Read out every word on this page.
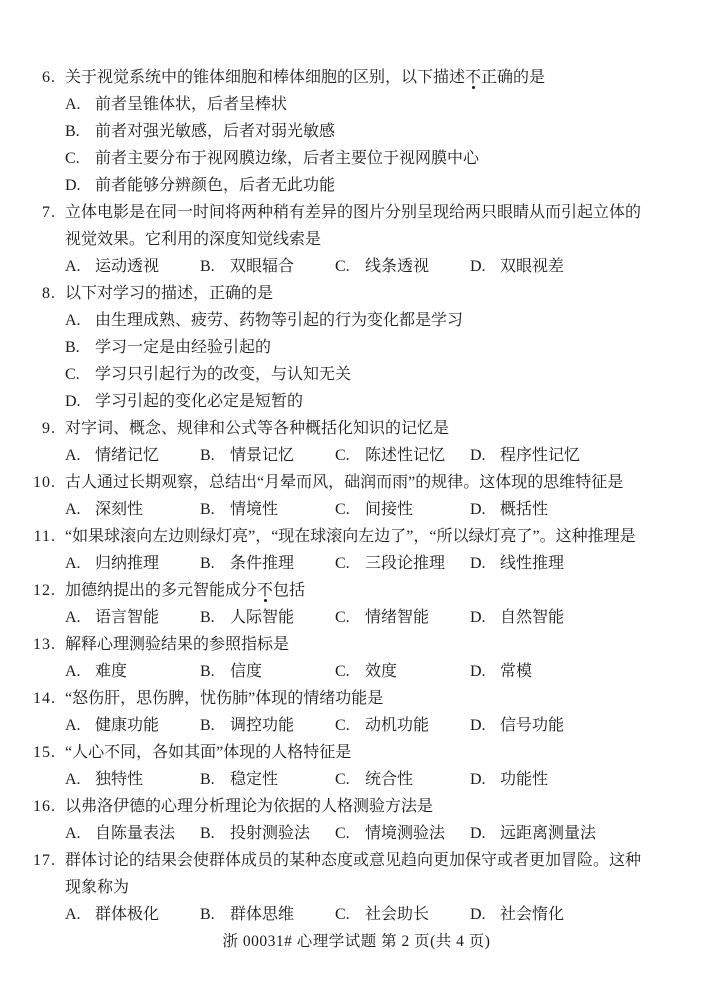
6. 关于视觉系统中的锥体细胞和棒体细胞的区别，以下描述不正确的是
A. 前者呈锥体状，后者呈棒状
B. 前者对强光敏感，后者对弱光敏感
C. 前者主要分布于视网膜边缘，后者主要位于视网膜中心
D. 前者能够分辨颜色，后者无此功能
7. 立体电影是在同一时间将两种稍有差异的图片分别呈现给两只眼睛从而引起立体的
视觉效果。它利用的深度知觉线索是
A. 运动透视	B. 双眼辐合	C. 线条透视	D. 双眼视差
8. 以下对学习的描述，正确的是
A. 由生理成熟、疲劳、药物等引起的行为变化都是学习
B. 学习一定是由经验引起的
C. 学习只引起行为的改变，与认知无关
D. 学习引起的变化必定是短暂的
9. 对字词、概念、规律和公式等各种概括化知识的记忆是
A. 情绪记忆	B. 情景记忆	C. 陈述性记忆	D. 程序性记忆
10. 古人通过长期观察，总结出“月晕而风，础润而雨”的规律。这体现的思维特征是
A. 深刻性	B. 情境性	C. 间接性	D. 概括性
11. “如果球滚向左边则绿灯亮”，“现在球滚向左边了”，“所以绿灯亮了”。这种推理是
A. 归纳推理	B. 条件推理	C. 三段论推理	D. 线性推理
12. 加德纳提出的多元智能成分不包括
A. 语言智能	B. 人际智能	C. 情绪智能	D. 自然智能
13. 解释心理测验结果的参照指标是
A. 难度	B. 信度	C. 效度	D. 常模
14. “怒伤肝，思伤脾，忧伤肺”体现的情绪功能是
A. 健康功能	B. 调控功能	C. 动机功能	D. 信号功能
15. “人心不同，各如其面”体现的人格特征是
A. 独特性	B. 稳定性	C. 统合性	D. 功能性
16. 以弗洛伊德的心理分析理论为依据的人格测验方法是
A. 自陈量表法	B. 投射测验法	C. 情境测验法	D. 远距离测量法
17. 群体讨论的结果会使群体成员的某种态度或意见趋向更加保守或者更加冒险。这种
现象称为
A. 群体极化	B. 群体思维	C. 社会助长	D. 社会惰化
浙 00031# 心理学试题 第 2 页(共 4 页)
